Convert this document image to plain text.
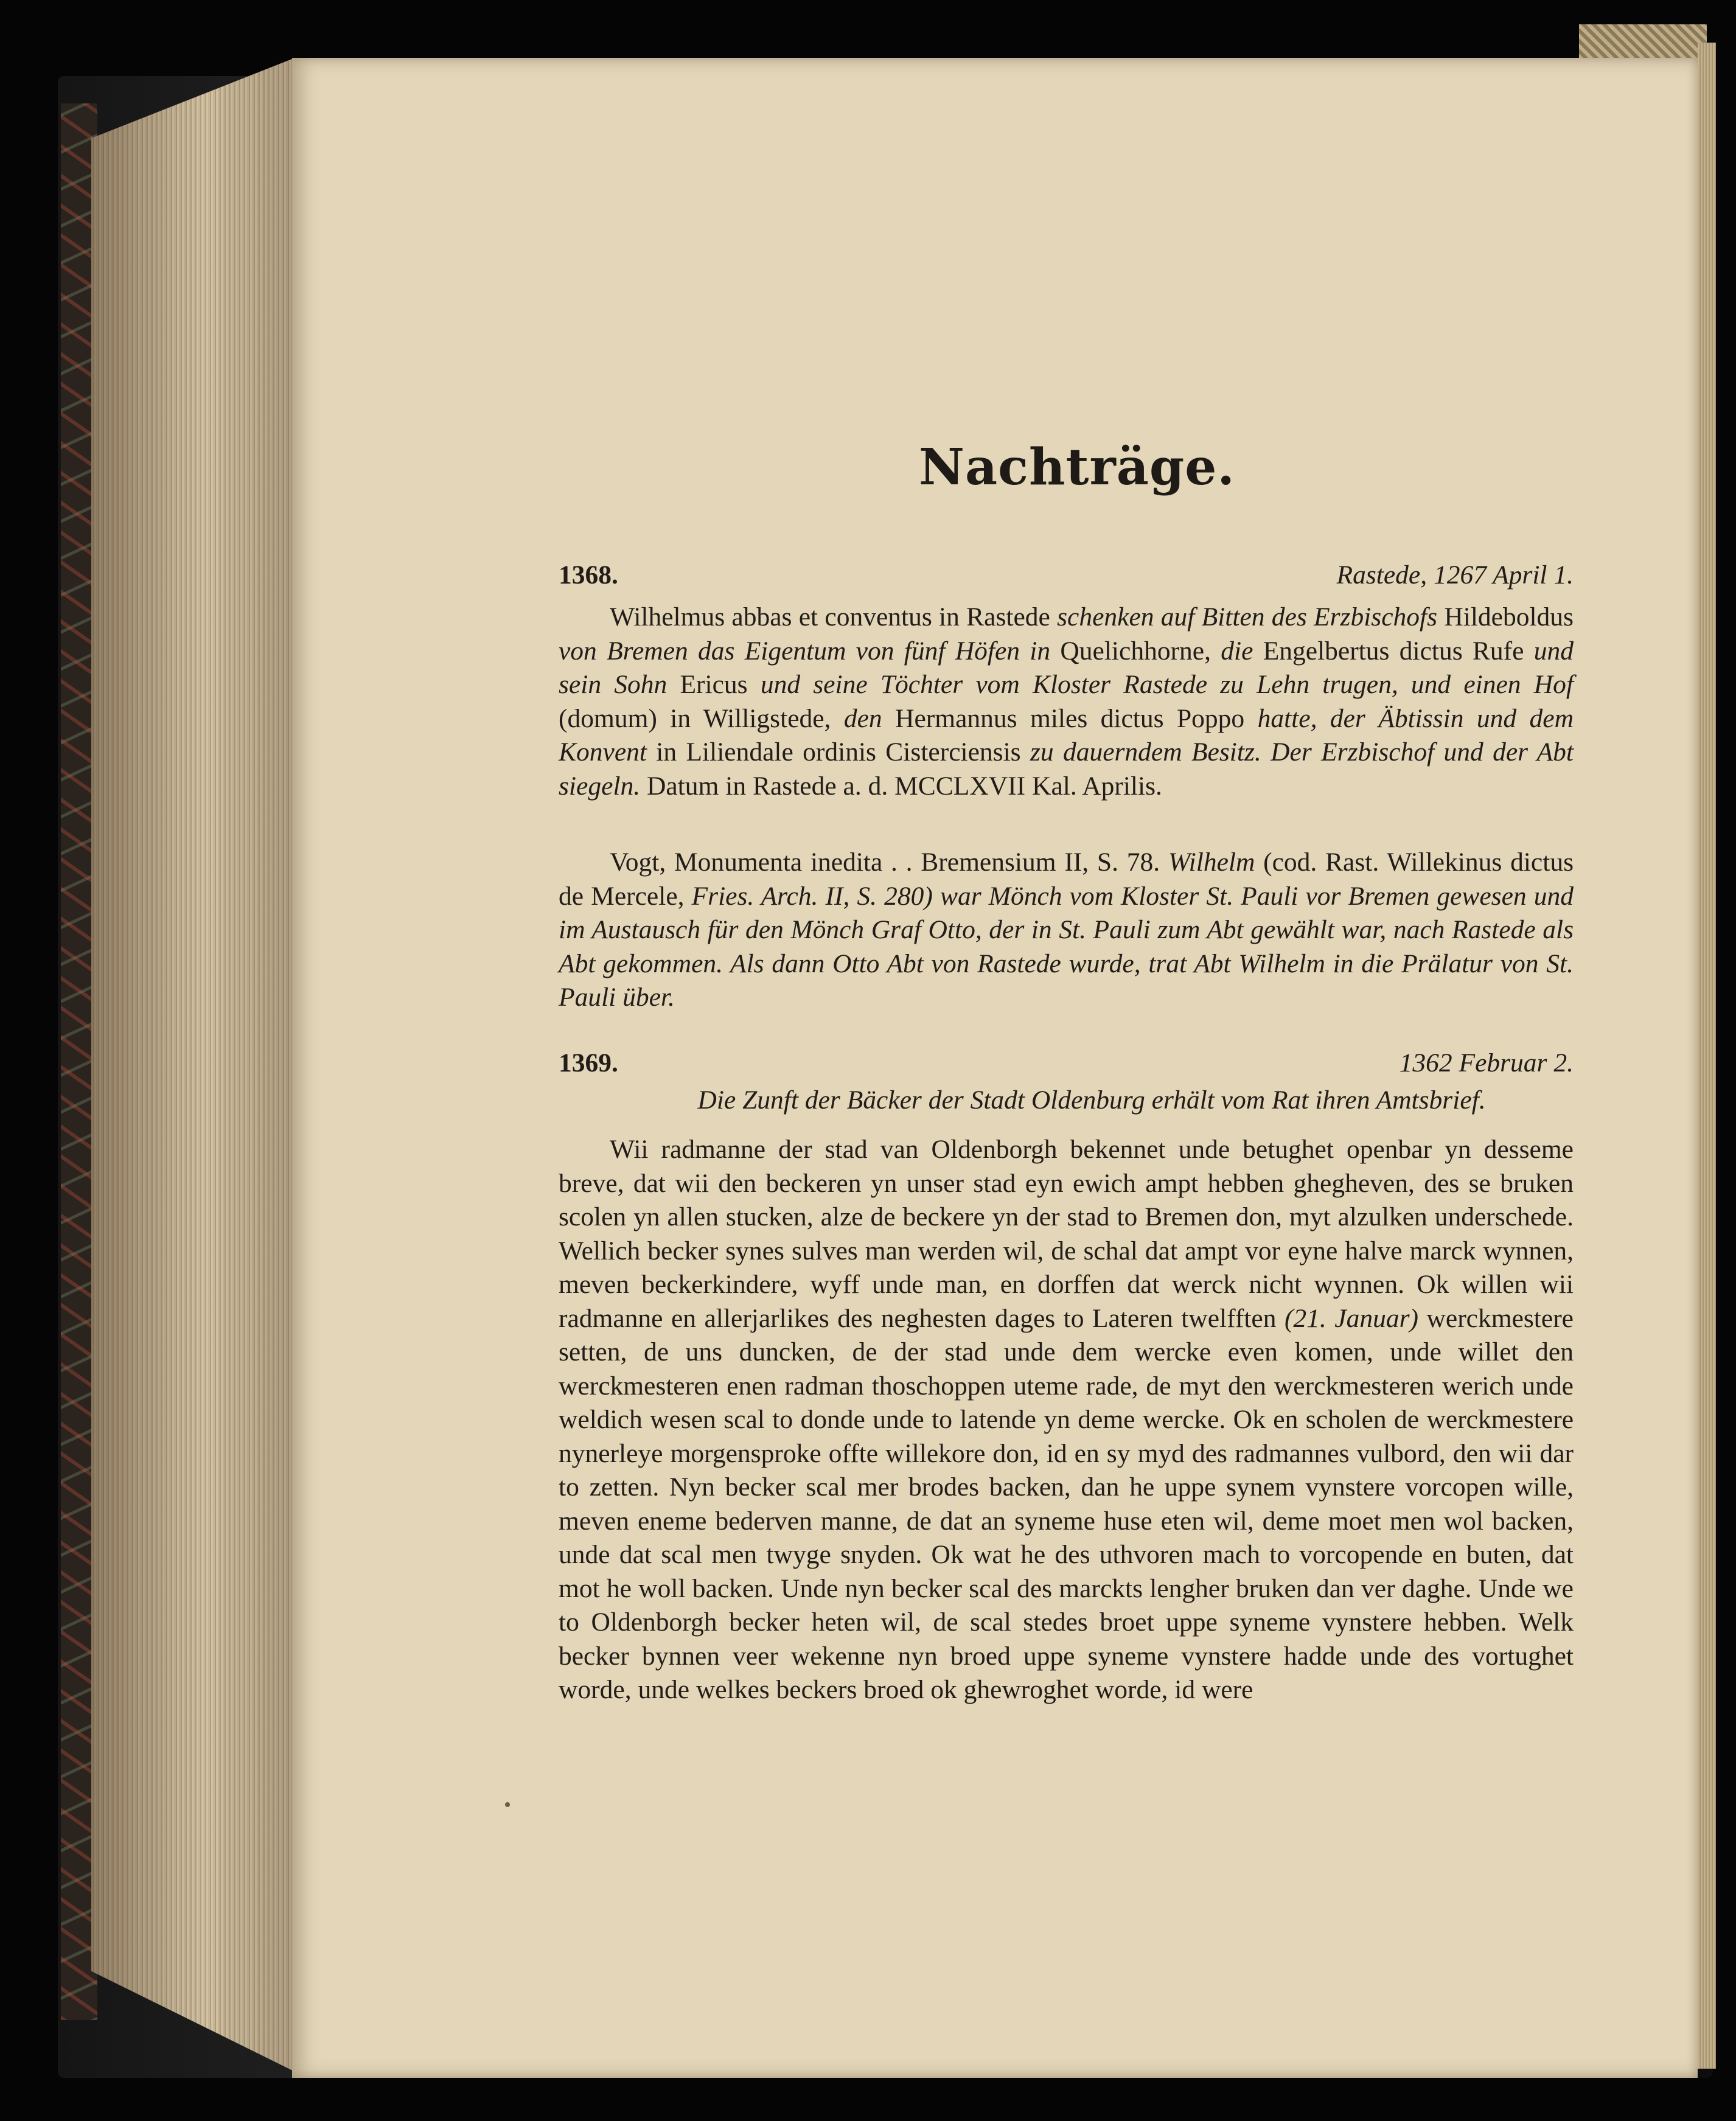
Nachträge.
1368.	Rastede, 1267 April 1.

Wilhelmus abbas et conventus in Rastede schenken auf Bitten des Erzbischofs Hildeboldus von Bremen das Eigentum von fünf Höfen in Quelichhorne, die Engelbertus dictus Rufe und sein Sohn Ericus und seine Töchter vom Kloster Rastede zu Lehn trugen, und einen Hof (domum) in Willigstede, den Hermannus miles dictus Poppo hatte, der Äbtissin und dem Konvent in Liliendale ordinis Cisterciensis zu dauerndem Besitz. Der Erzbischof und der Abt siegeln. Datum in Rastede a. d. MCCLXVII Kal. Aprilis.

Vogt, Monumenta inedita . . Bremensium II, S. 78. Wilhelm (cod. Rast. Willekinus dictus de Mercele, Fries. Arch. II, S. 280) war Mönch vom Kloster St. Pauli vor Bremen gewesen und im Austausch für den Mönch Graf Otto, der in St. Pauli zum Abt gewählt war, nach Rastede als Abt gekommen. Als dann Otto Abt von Rastede wurde, trat Abt Wilhelm in die Prälatur von St. Pauli über.

1369.	1362 Februar 2.

Die Zunft der Bäcker der Stadt Oldenburg erhält vom Rat ihren Amtsbrief.

Wii radmanne der stad van Oldenborgh bekennet unde betughet openbar yn desseme breve, dat wii den beckeren yn unser stad eyn ewich ampt hebben ghegheven, des se bruken scolen yn allen stucken, alze de beckere yn der stad to Bremen don, myt alzulken underschede. Wellich becker synes sulves man werden wil, de schal dat ampt vor eyne halve marck wynnen, meven beckerkindere, wyff unde man, en dorffen dat werck nicht wynnen. Ok willen wii radmanne en allerjarlikes des neghesten dages to Lateren twelfften (21. Januar) werckmestere setten, de uns duncken, de der stad unde dem wercke even komen, unde willet den werckmesteren enen radman thoschoppen uteme rade, de myt den werckmesteren werich unde weldich wesen scal to donde unde to latende yn deme wercke. Ok en scholen de werckmestere nynerleye morgensproke offte willekore don, id en sy myd des radmannes vulbord, den wii dar to zetten. Nyn becker scal mer brodes backen, dan he uppe synem vynstere vorcopen wille, meven eneme bederven manne, de dat an syneme huse eten wil, deme moet men wol backen, unde dat scal men twyge snyden. Ok wat he des uthvoren mach to vorcopende en buten, dat mot he woll backen. Unde nyn becker scal des marckts lengher bruken dan ver daghe. Unde we to Oldenborgh becker heten wil, de scal stedes broet uppe syneme vynstere hebben. Welk becker bynnen veer wekenne nyn broed uppe syneme vynstere hadde unde des vortughet worde, unde welkes beckers broed ok ghewroghet worde, id were
